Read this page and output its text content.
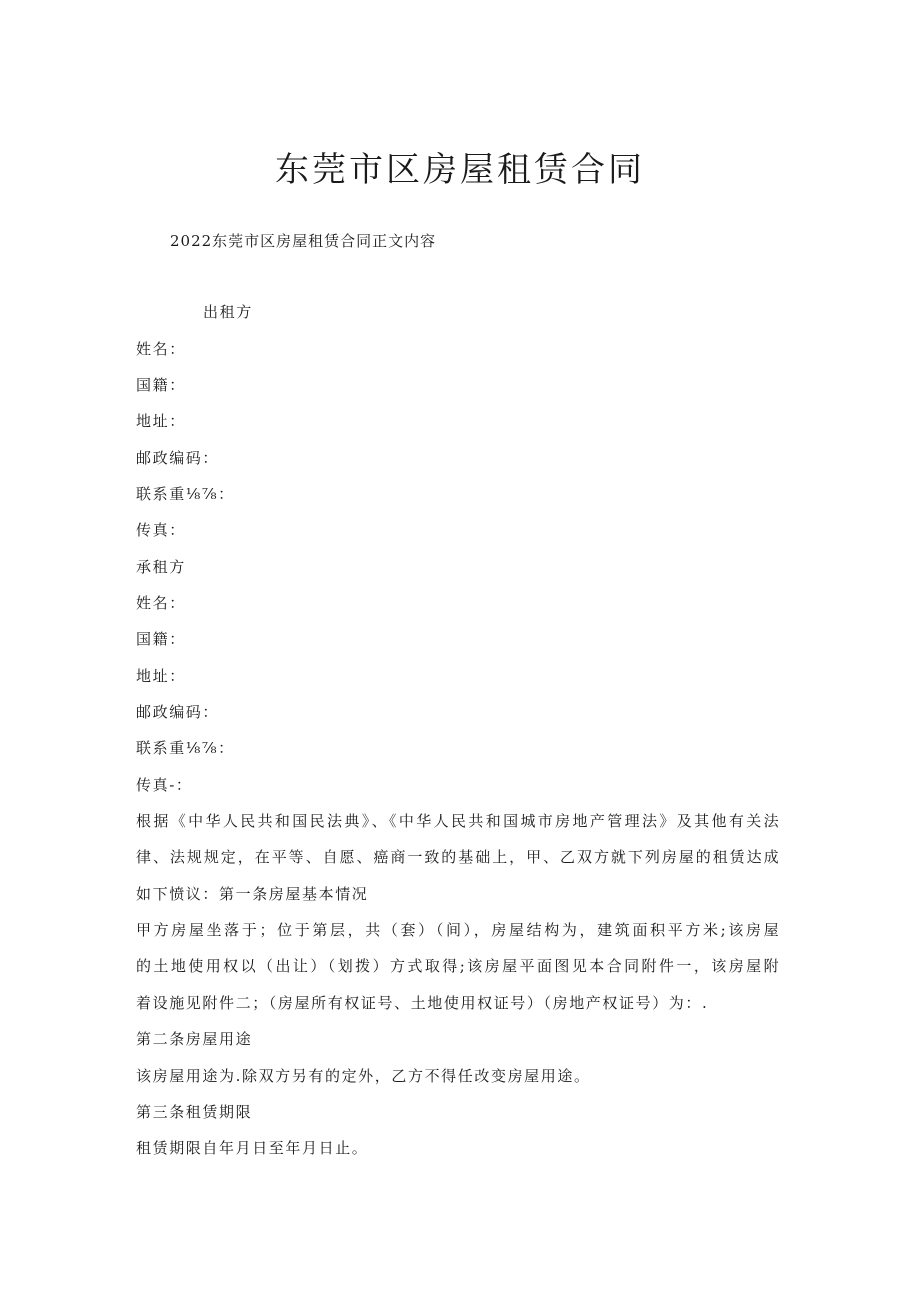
东莞市区房屋租赁合同
2022东莞市区房屋租赁合同正文内容
出租方
姓名：
国籍：
地址：
邮政编码：
联系重⅛⅞：
传真：
承租方
姓名：
国籍：
地址：
邮政编码：
联系重⅛⅞：
传真-：
根据《中华人民共和国民法典》、《中华人民共和国城市房地产管理法》及其他有关法
律、法规规定，在平等、自愿、癌商一致的基础上，甲、乙双方就下列房屋的租赁达成
如下愤议：第一条房屋基本情况
甲方房屋坐落于；位于第层，共（套）（间），房屋结构为，建筑面积平方米;该房屋
的土地使用权以（出让）（划拨）方式取得;该房屋平面图见本合同附件一，该房屋附
着设施见附件二；（房屋所有权证号、土地使用权证号）（房地产权证号）为：.
第二条房屋用途
该房屋用途为.除双方另有的定外，乙方不得任改变房屋用途。
第三条租赁期限
租赁期限自年月日至年月日止。
